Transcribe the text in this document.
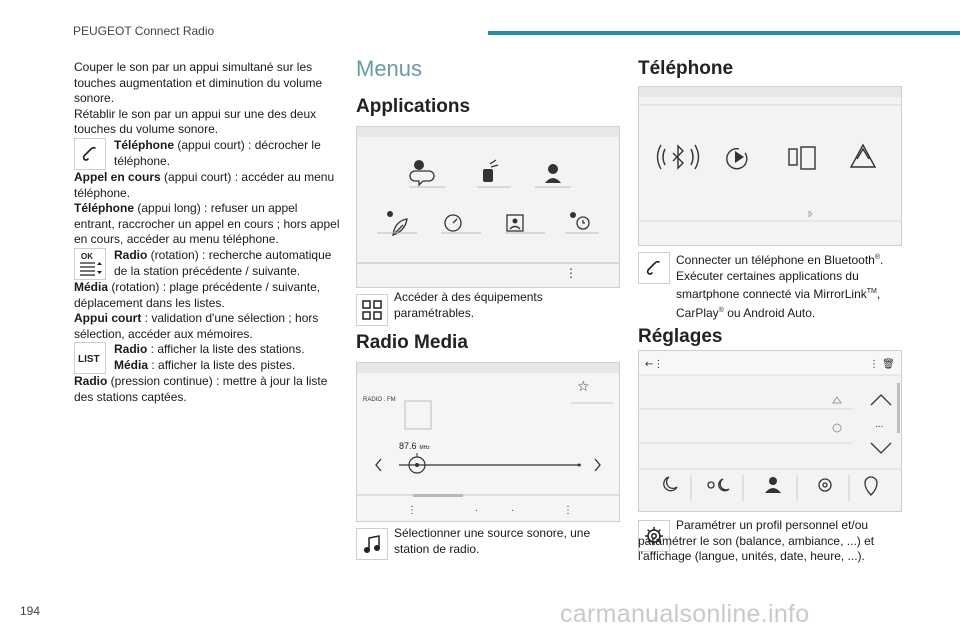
PEUGEOT Connect Radio
194	carmanualsonline.info

Couper le son par un appui simultané sur les

touches augmentation et diminution du volume

sonore.

Rétablir le son par un appui sur une des deux

touches du volume sonore.

Téléphone (appui court) : décrocher le téléphone.

Appel en cours (appui court) : accéder au menu téléphone.

Téléphone (appui long) : refuser un appel entrant, raccrocher un appel en cours ; hors appel en cours, accéder au menu téléphone.

OK Radio (rotation) : recherche automatique de la station précédente / suivante.

Média (rotation) : plage précédente / suivante, déplacement dans les listes.

Appui court : validation d'une sélection ; hors sélection, accéder aux mémoires.

LIST
Radio : afficher la liste des stations.
Média : afficher la liste des pistes.

Radio (pression continue) : mettre à jour la liste des stations captées.

Menus
Applications
⋮
Accéder à des équipements paramétrables.
Radio Media
RADIO . FM
☆
87.6 MHz
⋮	·	·	⋮
Sélectionner une source sonore, une station de radio.
Téléphone
Connecter un téléphone en Bluetooth®. Exécuter certaines applications du smartphone connecté via MirrorLink™, CarPlay® ou Android Auto.
Réglages
←⋮	⋮ 🗑
...
Paramétrer un profil personnel et/ou paramétrer le son (balance, ambiance, ...) et l'affichage (langue, unités, date, heure, ...).
